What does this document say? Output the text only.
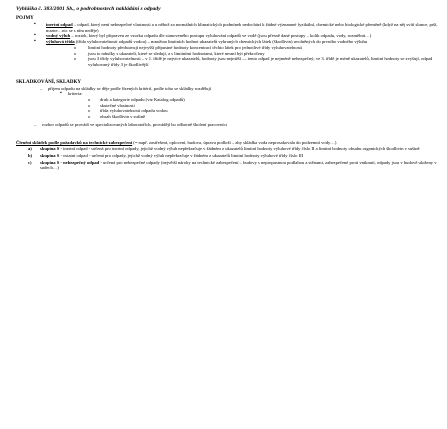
Vyhláška č. 383/2001 Sb., o podrobnostech nakládání s odpady
POJMY
▪ inertní odpad – odpad, který není nebezpečné vlastnosti a u něhož za normálních klimatických podmínek nedochází k žádné významné fyzikální, chemické nebo biologické přeměně (když na něj svítí slunce, prší, mrzne…nic se s ním neděje)
▪ vodný výluh – roztok, který byl připraven ze vzorku odpadu dle stanoveného postupu vyluhování odpadů ve vodě (jsou přesně dané postupy – kolik odpadu, vody, rozmělnit…)
▪ výluhová třída (třída vyluhovatelnosti odpadů vodou) – množina limitních hodnot ukazatelů vybraných chemických látek (škodlivin) uvolněných do prvního vodného výluhu
o limitní hodnoty představují nejvyšší přípustné hodnoty koncentrací těchto látek pro jednotlivé třídy vyluhovatelnosti
o jsou to tabulky s ukazateli, které se sledují, a s limitními hodnotami, které nesmí být překročeny
o jsou 3 třídy vyluhovatelnosti – v 1. třídě je nejvíce ukazatelů, hodnoty jsou nejnižší — tento odpad je nejméně nebezpečný; ve 3. třídě je méně ukazatelů, limitní hodnoty se zvyšují, odpad vyluhovaný třídy 3 je škodlivější
SKLADKOVÁNÍ, SKLADKY
– přijem odpadu na skládky se děje podle řízených kritérií, podle toho se skládky rozdělují
▪ kriteria:
o druh a kategorie odpadu (viz Katalog odpadů)
o skutečné vlastnosti
o třída vyluhovatelnosti odpadu vodou
o obsah škodlivin v sušině
– rozbor odpadů se provádí ve specializovaných laboratořích, provádějí ho odborně školení pracovníci
Členění skládek podle požadavků na technické zabezpečení (= např. zastřešení, oplocení, budova, úprava podloží – aby skládka voda neprosakovala do podzemní vody…)
a) skupina S - inertní odpad - určená pro inertní odpady, jejichž vodný výluh nepřekračuje v žádném z ukazatelů limitní hodnoty výluhové třídy číslo II a limitní hodnoty obsahu organických škodlivin v sušině
b) skupina S - ostatní odpad - určená pro odpady, jejichž vodný výluh nepřekračuje v žádném z ukazatelů limitní hodnoty výluhové třídy číslo III
c) skupina S - nebezpečný odpad - určená pro nebezpečné odpady (největší nároky na technické zabezpečení – budovy s nepropustnou podlahou a stěnami, zabezpečené proti vniknutí, odpady jsou v budově uloženy v sudech…)
